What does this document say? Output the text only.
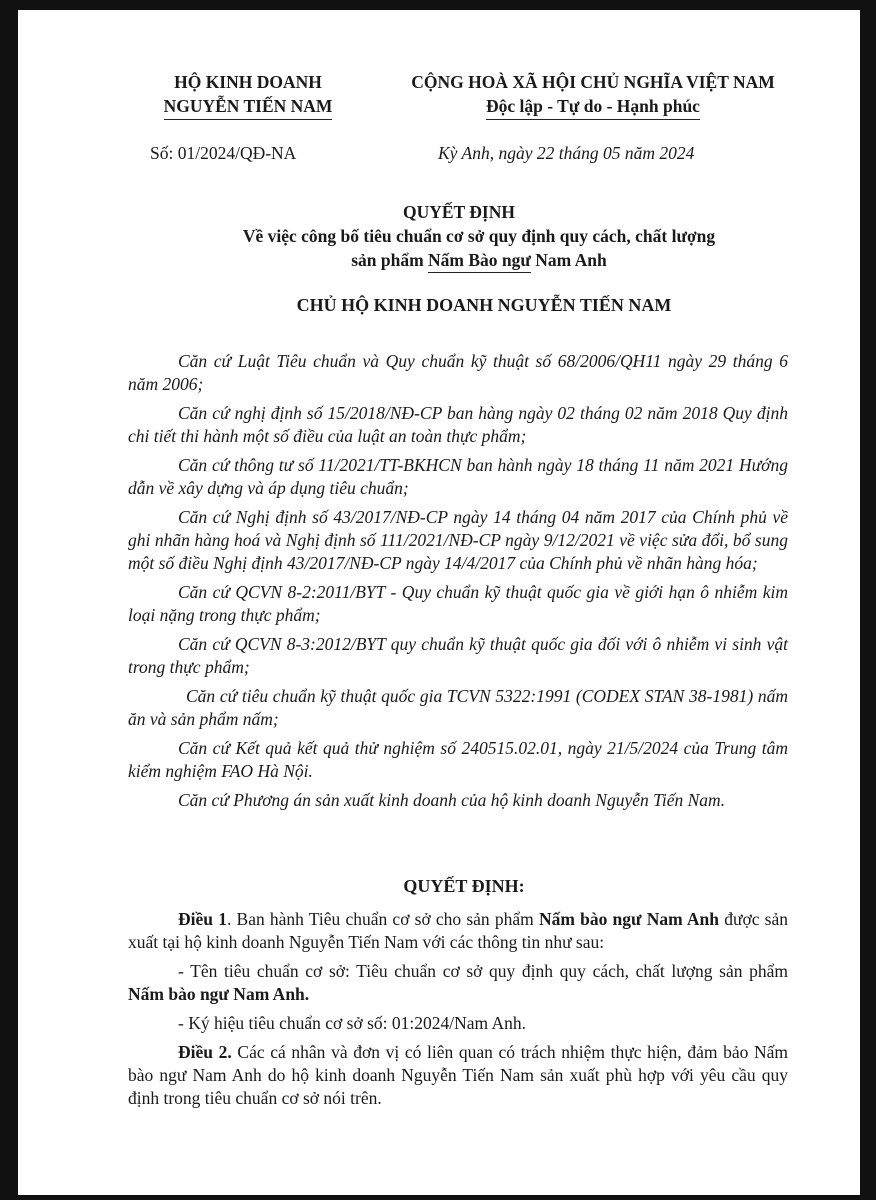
HỘ KINH DOANH
NGUYỄN TIẾN NAM
CỘNG HOÀ XÃ HỘI CHỦ NGHĨA VIỆT NAM
Độc lập - Tự do - Hạnh phúc
Số: 01/2024/QĐ-NA	Kỳ Anh, ngày 22 tháng 05 năm 2024
QUYẾT ĐỊNH
Về việc công bố tiêu chuẩn cơ sở quy định quy cách, chất lượng
sản phẩm Nấm Bào ngư Nam Anh
CHỦ HỘ KINH DOANH NGUYỄN TIẾN NAM

Căn cứ Luật Tiêu chuẩn và Quy chuẩn kỹ thuật số 68/2006/QH11 ngày 29 tháng 6 năm 2006;

Căn cứ nghị định số 15/2018/NĐ-CP ban hàng ngày 02 tháng 02 năm 2018 Quy định chi tiết thi hành một số điều của luật an toàn thực phẩm;

Căn cứ thông tư số 11/2021/TT-BKHCN ban hành ngày 18 tháng 11 năm 2021 Hướng dẫn về xây dựng và áp dụng tiêu chuẩn;

Căn cứ Nghị định số 43/2017/NĐ-CP ngày 14 tháng 04 năm 2017 của Chính phủ về ghi nhãn hàng hoá và Nghị định số 111/2021/NĐ-CP ngày 9/12/2021 về việc sửa đổi, bổ sung một số điều Nghị định 43/2017/NĐ-CP ngày 14/4/2017 của Chính phủ về nhãn hàng hóa;

Căn cứ QCVN 8-2:2011/BYT - Quy chuẩn kỹ thuật quốc gia về giới hạn ô nhiễm kim loại nặng trong thực phẩm;

Căn cứ QCVN 8-3:2012/BYT quy chuẩn kỹ thuật quốc gia đối với ô nhiễm vi sinh vật trong thực phẩm;

Căn cứ tiêu chuẩn kỹ thuật quốc gia TCVN 5322:1991 (CODEX STAN 38-1981) nấm ăn và sản phẩm nấm;

Căn cứ Kết quả kết quả thử nghiệm số 240515.02.01, ngày 21/5/2024 của Trung tâm kiểm nghiệm FAO Hà Nội.

Căn cứ Phương án sản xuất kinh doanh của hộ kinh doanh Nguyễn Tiến Nam.

QUYẾT ĐỊNH:

Điều 1. Ban hành Tiêu chuẩn cơ sở cho sản phẩm Nấm bào ngư Nam Anh được sản xuất tại hộ kinh doanh Nguyễn Tiến Nam với các thông tin như sau:

- Tên tiêu chuẩn cơ sở: Tiêu chuẩn cơ sở quy định quy cách, chất lượng sản phẩm Nấm bào ngư Nam Anh.

- Ký hiệu tiêu chuẩn cơ sở số: 01:2024/Nam Anh.

Điều 2. Các cá nhân và đơn vị có liên quan có trách nhiệm thực hiện, đảm bảo Nấm bào ngư Nam Anh do hộ kinh doanh Nguyễn Tiến Nam sản xuất phù hợp với yêu cầu quy định trong tiêu chuẩn cơ sở nói trên.
